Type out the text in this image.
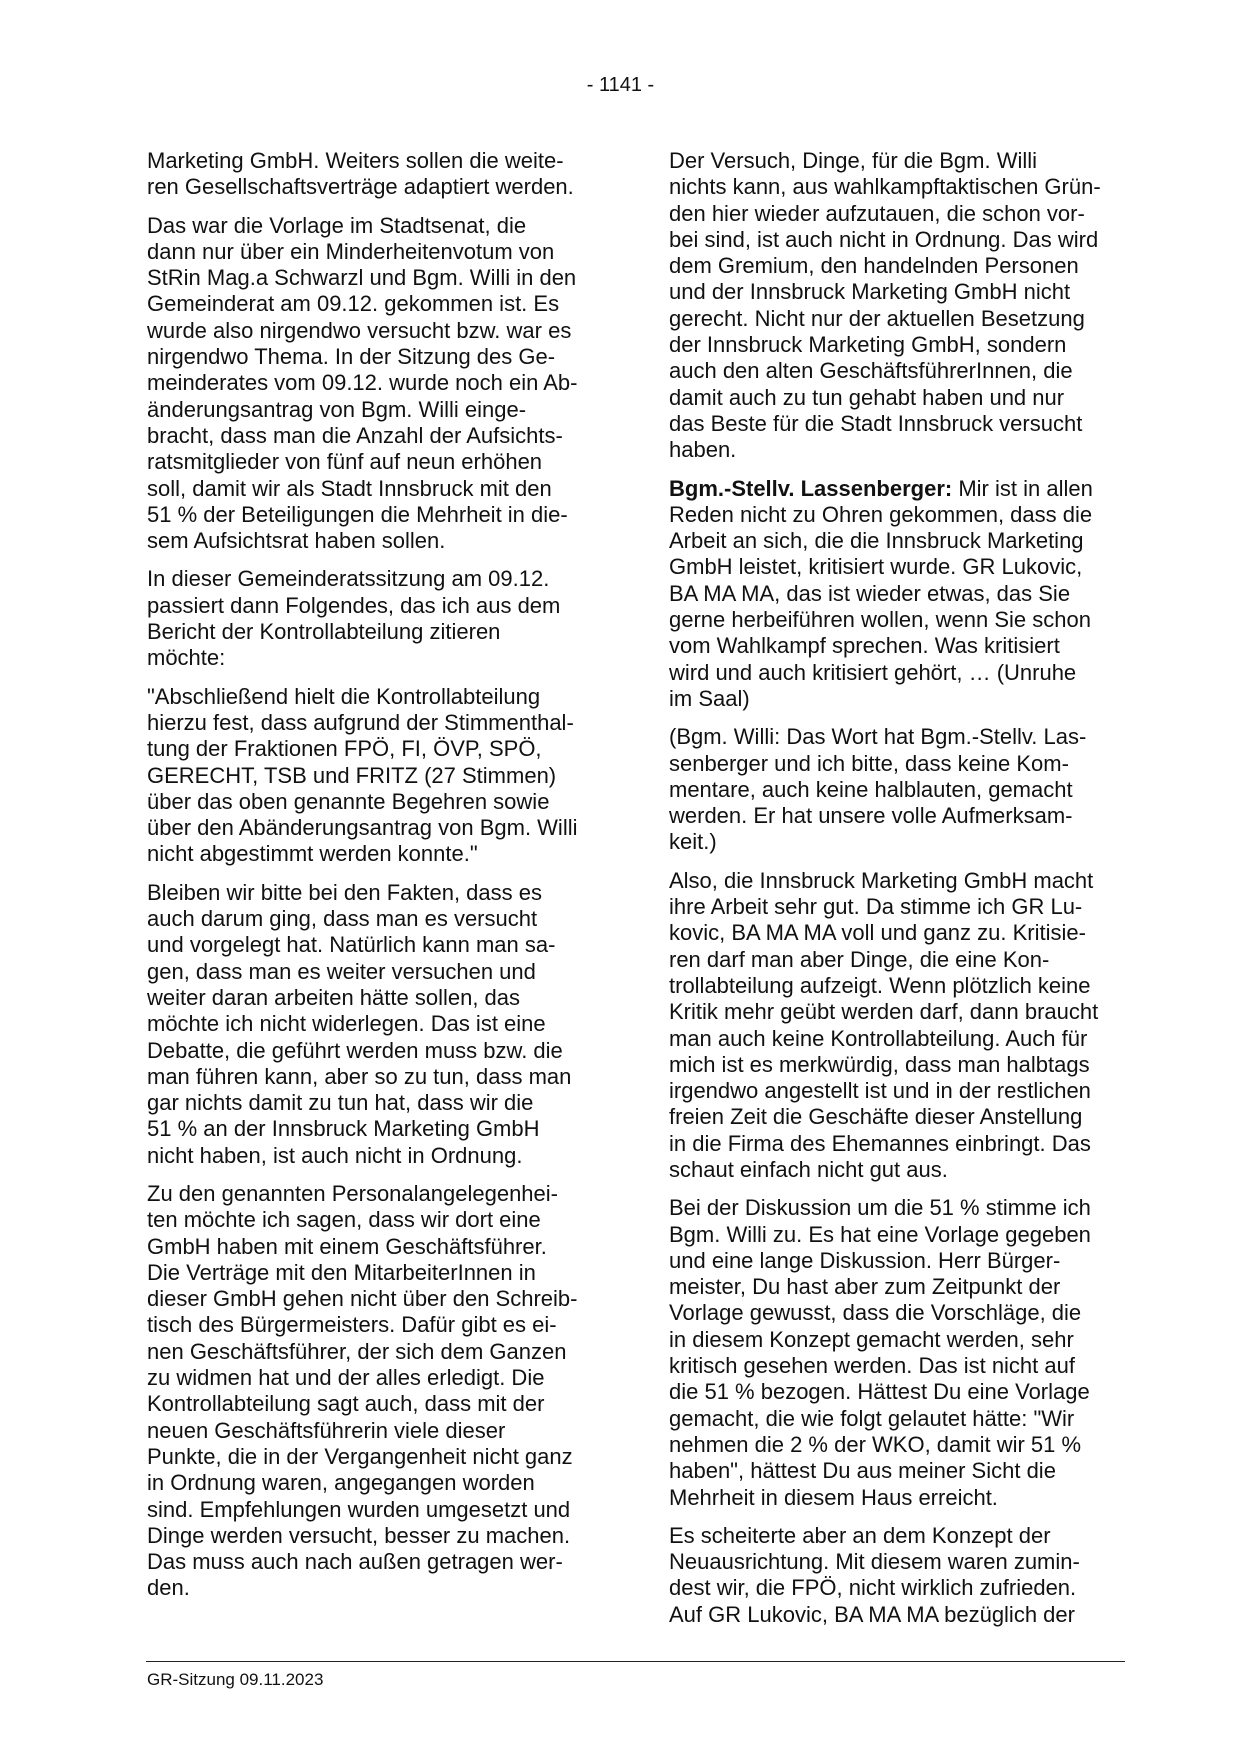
- 1141 -

Marketing GmbH. Weiters sollen die weite-
ren Gesellschaftsverträge adaptiert werden.

Das war die Vorlage im Stadtsenat, die
dann nur über ein Minderheitenvotum von
StRin Mag.a Schwarzl und Bgm. Willi in den
Gemeinderat am 09.12. gekommen ist. Es
wurde also nirgendwo versucht bzw. war es
nirgendwo Thema. In der Sitzung des Ge-
meinderates vom 09.12. wurde noch ein Ab-
änderungsantrag von Bgm. Willi einge-
bracht, dass man die Anzahl der Aufsichts-
ratsmitglieder von fünf auf neun erhöhen
soll, damit wir als Stadt Innsbruck mit den
51 % der Beteiligungen die Mehrheit in die-
sem Aufsichtsrat haben sollen.

In dieser Gemeinderatssitzung am 09.12.
passiert dann Folgendes, das ich aus dem
Bericht der Kontrollabteilung zitieren
möchte:

"Abschließend hielt die Kontrollabteilung
hierzu fest, dass aufgrund der Stimmenthal-
tung der Fraktionen FPÖ, FI, ÖVP, SPÖ,
GERECHT, TSB und FRITZ (27 Stimmen)
über das oben genannte Begehren sowie
über den Abänderungsantrag von Bgm. Willi
nicht abgestimmt werden konnte."

Bleiben wir bitte bei den Fakten, dass es
auch darum ging, dass man es versucht
und vorgelegt hat. Natürlich kann man sa-
gen, dass man es weiter versuchen und
weiter daran arbeiten hätte sollen, das
möchte ich nicht widerlegen. Das ist eine
Debatte, die geführt werden muss bzw. die
man führen kann, aber so zu tun, dass man
gar nichts damit zu tun hat, dass wir die
51 % an der Innsbruck Marketing GmbH
nicht haben, ist auch nicht in Ordnung.

Zu den genannten Personalangelegenhei-
ten möchte ich sagen, dass wir dort eine
GmbH haben mit einem Geschäftsführer.
Die Verträge mit den MitarbeiterInnen in
dieser GmbH gehen nicht über den Schreib-
tisch des Bürgermeisters. Dafür gibt es ei-
nen Geschäftsführer, der sich dem Ganzen
zu widmen hat und der alles erledigt. Die
Kontrollabteilung sagt auch, dass mit der
neuen Geschäftsführerin viele dieser
Punkte, die in der Vergangenheit nicht ganz
in Ordnung waren, angegangen worden
sind. Empfehlungen wurden umgesetzt und
Dinge werden versucht, besser zu machen.
Das muss auch nach außen getragen wer-
den.

Der Versuch, Dinge, für die Bgm. Willi
nichts kann, aus wahlkampftaktischen Grün-
den hier wieder aufzutauen, die schon vor-
bei sind, ist auch nicht in Ordnung. Das wird
dem Gremium, den handelnden Personen
und der Innsbruck Marketing GmbH nicht
gerecht. Nicht nur der aktuellen Besetzung
der Innsbruck Marketing GmbH, sondern
auch den alten GeschäftsführerInnen, die
damit auch zu tun gehabt haben und nur
das Beste für die Stadt Innsbruck versucht
haben.

Bgm.-Stellv. Lassenberger: Mir ist in allen
Reden nicht zu Ohren gekommen, dass die
Arbeit an sich, die die Innsbruck Marketing
GmbH leistet, kritisiert wurde. GR Lukovic,
BA MA MA, das ist wieder etwas, das Sie
gerne herbeiführen wollen, wenn Sie schon
vom Wahlkampf sprechen. Was kritisiert
wird und auch kritisiert gehört, … (Unruhe
im Saal)

(Bgm. Willi: Das Wort hat Bgm.-Stellv. Las-
senberger und ich bitte, dass keine Kom-
mentare, auch keine halblauten, gemacht
werden. Er hat unsere volle Aufmerksam-
keit.)

Also, die Innsbruck Marketing GmbH macht
ihre Arbeit sehr gut. Da stimme ich GR Lu-
kovic, BA MA MA voll und ganz zu. Kritisie-
ren darf man aber Dinge, die eine Kon-
trollabteilung aufzeigt. Wenn plötzlich keine
Kritik mehr geübt werden darf, dann braucht
man auch keine Kontrollabteilung. Auch für
mich ist es merkwürdig, dass man halbtags
irgendwo angestellt ist und in der restlichen
freien Zeit die Geschäfte dieser Anstellung
in die Firma des Ehemannes einbringt. Das
schaut einfach nicht gut aus.

Bei der Diskussion um die 51 % stimme ich
Bgm. Willi zu. Es hat eine Vorlage gegeben
und eine lange Diskussion. Herr Bürger-
meister, Du hast aber zum Zeitpunkt der
Vorlage gewusst, dass die Vorschläge, die
in diesem Konzept gemacht werden, sehr
kritisch gesehen werden. Das ist nicht auf
die 51 % bezogen. Hättest Du eine Vorlage
gemacht, die wie folgt gelautet hätte: "Wir
nehmen die 2 % der WKO, damit wir 51 %
haben", hättest Du aus meiner Sicht die
Mehrheit in diesem Haus erreicht.

Es scheiterte aber an dem Konzept der
Neuausrichtung. Mit diesem waren zumin-
dest wir, die FPÖ, nicht wirklich zufrieden.
Auf GR Lukovic, BA MA MA bezüglich der

GR-Sitzung 09.11.2023
